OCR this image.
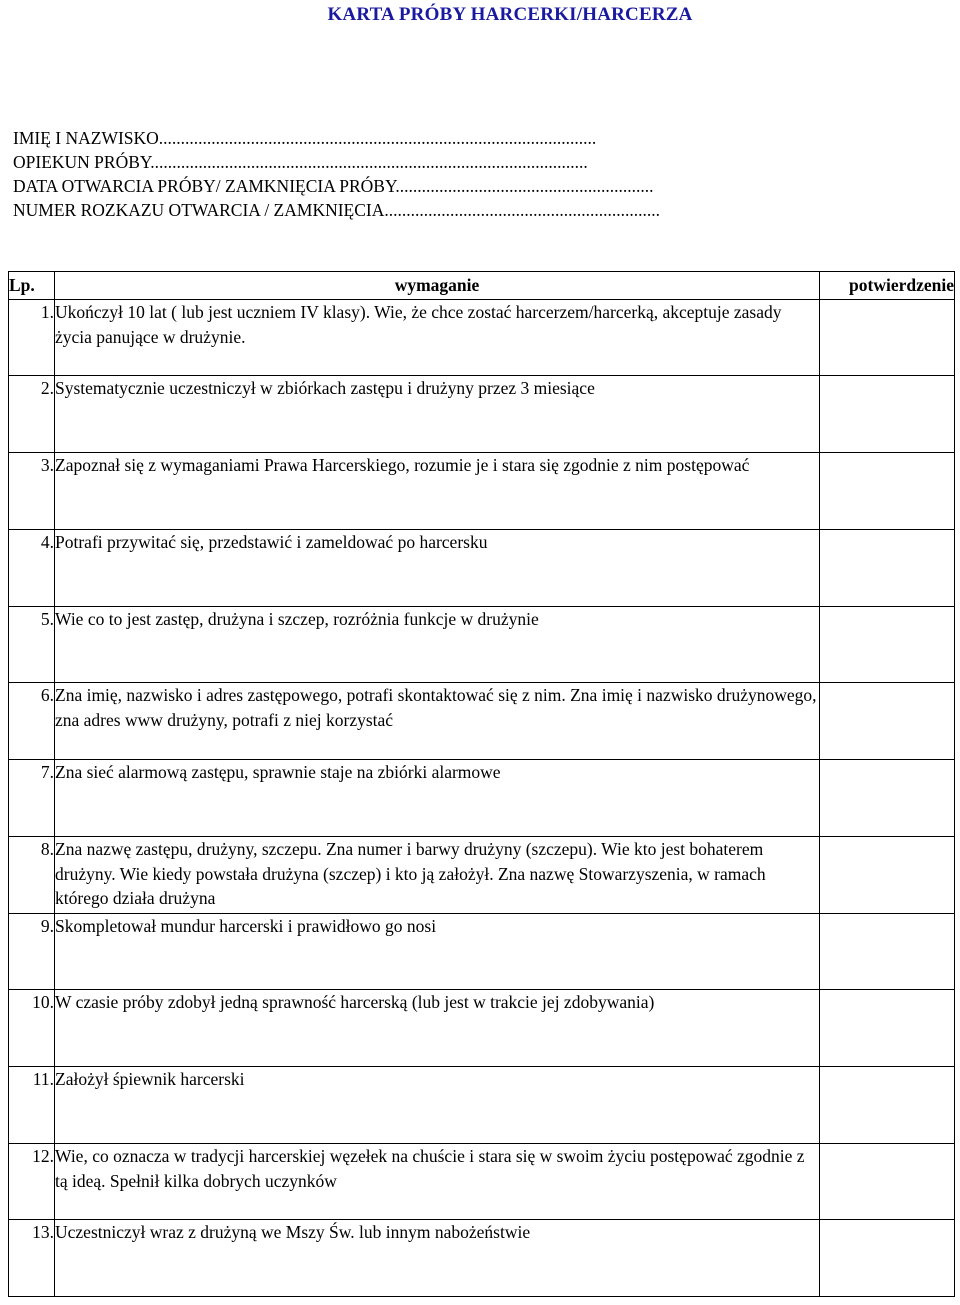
KARTA PRÓBY HARCERKI/HARCERZA
IMIĘ I NAZWISKO....................................................................................................
OPIEKUN PRÓBY....................................................................................................
DATA OTWARCIA PRÓBY/ ZAMKNIĘCIA PRÓBY...........................................................
NUMER ROZKAZU OTWARCIA / ZAMKNIĘCIA...............................................................
Lp.	wymaganie	potwierdzenie
1.	Ukończył 10 lat ( lub jest uczniem IV klasy). Wie, że chce zostać harcerzem/harcerką, akceptuje zasady życia panujące w drużynie.	
2.	Systematycznie uczestniczył w zbiórkach zastępu i drużyny przez 3 miesiące	
3.	Zapoznał się z wymaganiami Prawa Harcerskiego, rozumie je i stara się zgodnie z nim postępować	
4.	Potrafi przywitać się, przedstawić i zameldować po harcersku	
5.	Wie co to jest zastęp, drużyna i szczep, rozróżnia funkcje w drużynie	
6.	Zna imię, nazwisko i adres zastępowego, potrafi skontaktować się z nim. Zna imię i nazwisko drużynowego, zna adres www drużyny, potrafi z niej korzystać	
7.	Zna sieć alarmową zastępu, sprawnie staje na zbiórki alarmowe	
8.	Zna nazwę zastępu, drużyny, szczepu. Zna numer i barwy drużyny (szczepu). Wie kto jest bohaterem drużyny. Wie kiedy powstała drużyna (szczep) i kto ją założył. Zna nazwę Stowarzyszenia, w ramach którego działa drużyna	
9.	Skompletował mundur harcerski i prawidłowo go nosi	
10.	W czasie próby zdobył jedną sprawność harcerską (lub jest w trakcie jej zdobywania)	
11.	Założył śpiewnik harcerski	
12.	Wie, co oznacza w tradycji harcerskiej węzełek na chuście i stara się w swoim życiu postępować zgodnie z tą ideą. Spełnił kilka dobrych uczynków	
13.	Uczestniczył wraz z drużyną we Mszy Św. lub innym nabożeństwie	
